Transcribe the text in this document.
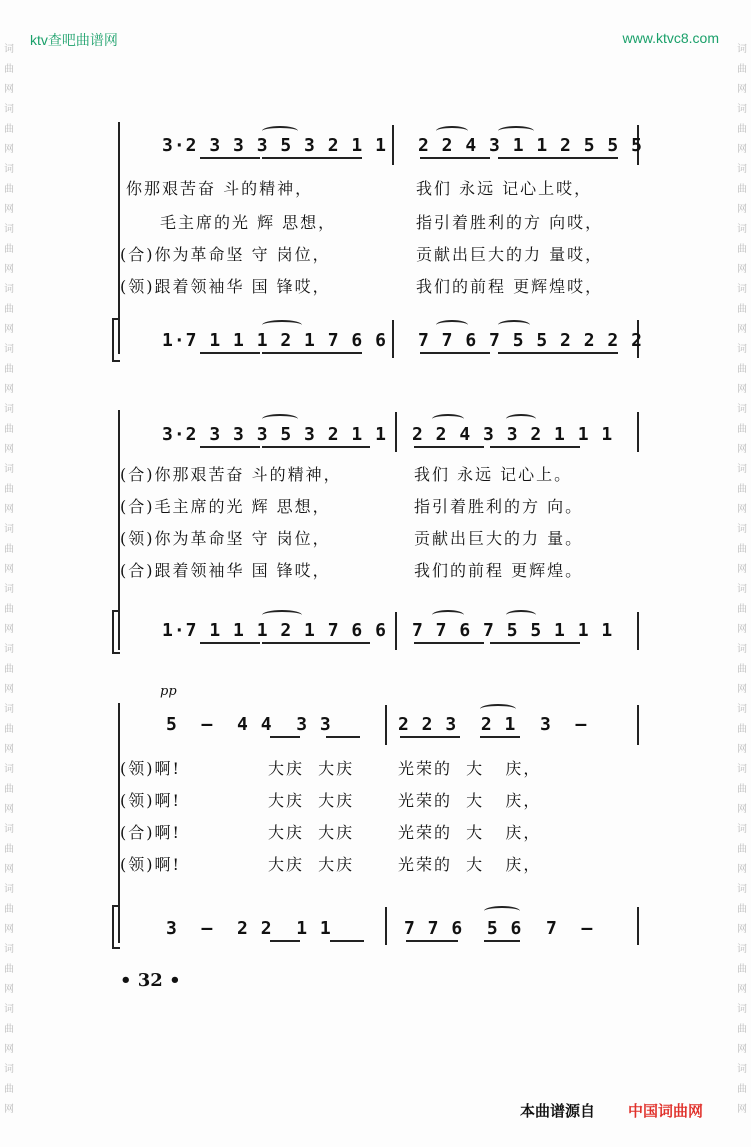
ktv查吧曲谱网	www.ktvc8.com
词曲网词曲网词曲网词曲网词曲网词曲网词曲网词曲网词曲网词曲网词曲网词曲网词曲网词曲网词曲网词曲网词曲网词曲网
词曲网词曲网词曲网词曲网词曲网词曲网词曲网词曲网词曲网词曲网词曲网词曲网词曲网词曲网词曲网词曲网词曲网词曲网
3·2 3 3 3 5 3 2 1 1 2 2 4 3 1 1 2 5 5 5
你那艰苦奋 斗的精神，
毛主席的光 辉 思想，
(合)你为革命坚 守 岗位，
(领)跟着领袖华 国 锋哎，
我们 永远 记心上哎，
指引着胜利的方 向哎，
贡献出巨大的力 量哎，
我们的前程 更辉煌哎，
1·7 1 1 1 2 1 7 6 6 7 7 6 7 5 5 2 2 2 2
3·2 3 3 3 5 3 2 1 1 2 2 4 3 3 2 1 1 1
(合)你那艰苦奋 斗的精神，
(合)毛主席的光 辉 思想，
(领)你为革命坚 守 岗位，
(合)跟着领袖华 国 锋哎，
我们 永远 记心上。
指引着胜利的方 向。
贡献出巨大的力 量。
我们的前程 更辉煌。
1·7 1 1 1 2 1 7 6 6 7 7 6 7 5 5 1 1 1
pp
5  –  4 4  3 3	2 2 3  2 1  3  –
(领)啊!
(领)啊!
(合)啊!
(领)啊!
大庆  大庆
大庆  大庆
大庆  大庆
大庆  大庆
光荣的  大   庆，
光荣的  大   庆，
光荣的  大   庆，
光荣的  大   庆，
3  –  2 2  1 1	7 7 6  5 6  7  –
• 32 •
本曲谱源自 中国词曲网
